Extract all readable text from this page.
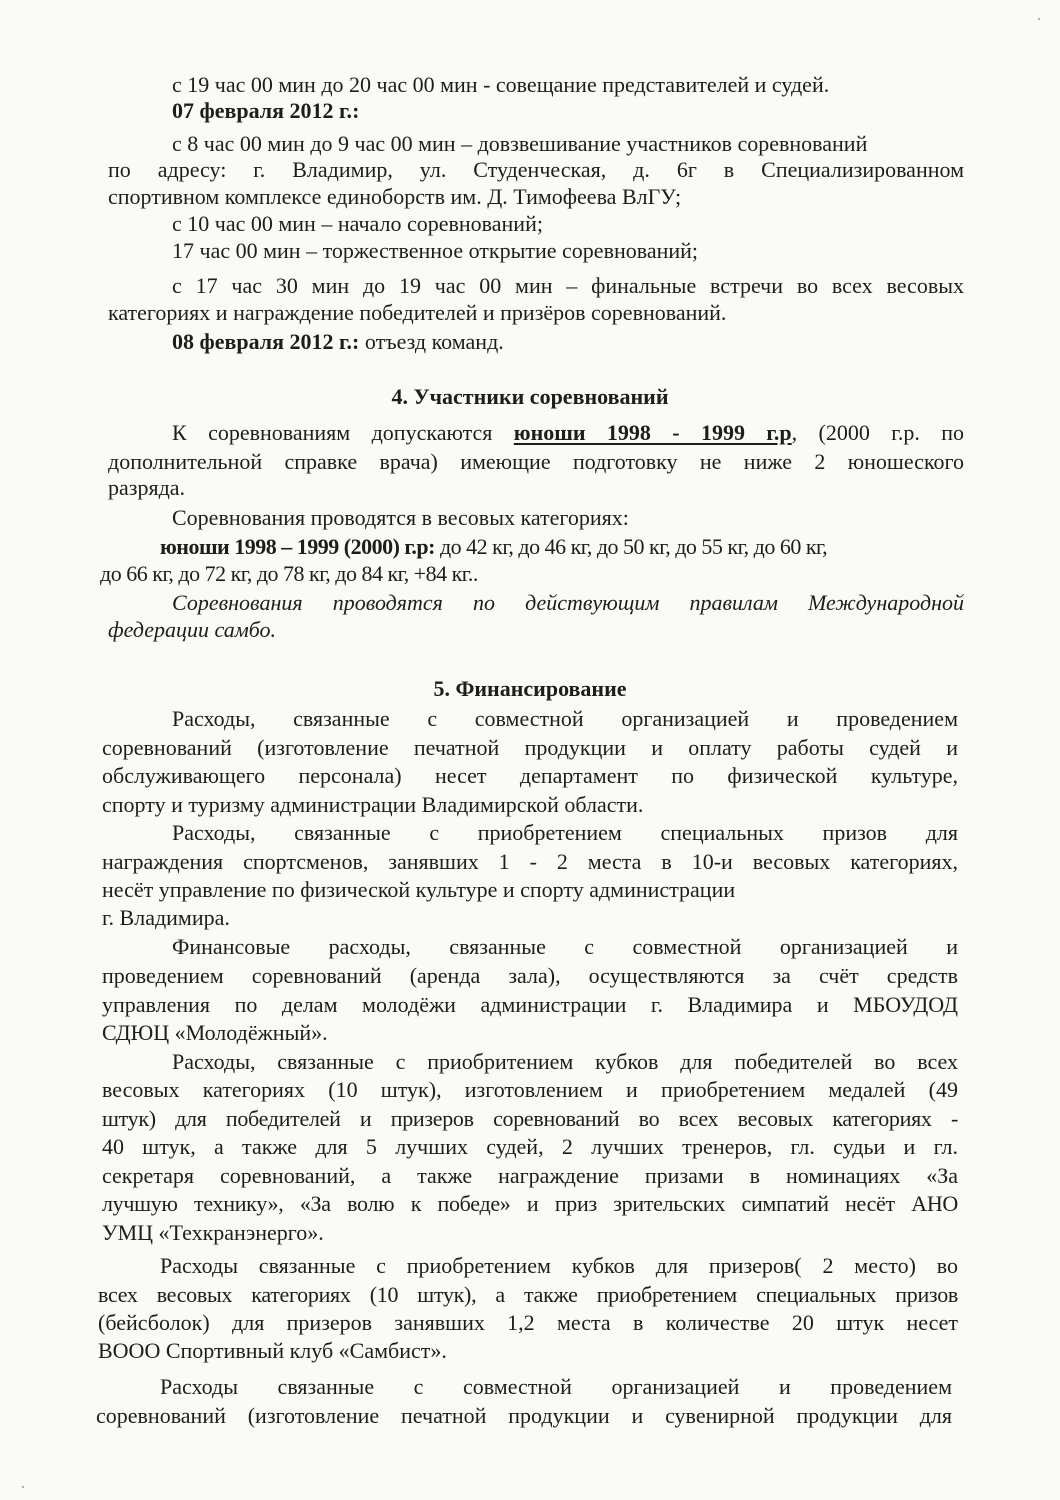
с 19 час 00 мин до 20 час 00 мин - совещание представителей и судей.
07 февраля 2012 г.:
с 8 час 00 мин до 9 час 00 мин – довзвешивание участников соревнований
по адресу: г. Владимир, ул. Студенческая, д. 6г в Специализированном
спортивном комплексе единоборств им. Д. Тимофеева ВлГУ;
с 10 час 00 мин – начало соревнований;
17 час 00 мин – торжественное открытие соревнований;
с 17 час 30 мин до 19 час 00 мин – финальные встречи во всех весовых
категориях и награждение победителей и призёров соревнований.
08 февраля 2012 г.: отъезд команд.
4. Участники соревнований
К соревнованиям допускаются юноши 1998 - 1999 г.р, (2000 г.р. по
дополнительной справке врача) имеющие подготовку не ниже 2 юношеского
разряда.
Соревнования проводятся в весовых категориях:
юноши 1998 – 1999 (2000) г.р: до 42 кг, до 46 кг, до 50 кг, до 55 кг, до 60 кг,
до 66 кг, до 72 кг, до 78 кг, до 84 кг, +84 кг..
Соревнования проводятся по действующим правилам Международной
федерации самбо.
5. Финансирование
Расходы, связанные с совместной организацией и проведением
соревнований (изготовление печатной продукции и оплату работы судей и
обслуживающего персонала) несет департамент по физической культуре,
спорту и туризму администрации Владимирской области.
Расходы, связанные с приобретением специальных призов для
награждения спортсменов, занявших 1 - 2 места в 10-и весовых категориях,
несёт управление по физической культуре и спорту администрации
г. Владимира.
Финансовые расходы, связанные с совместной организацией и
проведением соревнований (аренда зала), осуществляются за счёт средств
управления по делам молодёжи администрации г. Владимира и МБОУДОД
СДЮЦ «Молодёжный».
Расходы, связанные с приобритением кубков для победителей во всех
весовых категориях (10 штук), изготовлением и приобретением медалей (49
штук) для победителей и призеров соревнований во всех весовых категориях -
40 штук, а также для 5 лучших судей, 2 лучших тренеров, гл. судьи и гл.
секретаря соревнований, а также награждение призами в номинациях «За
лучшую технику», «За волю к победе» и приз зрительских симпатий несёт АНО
УМЦ «Техкранэнерго».
Расходы связанные с приобретением кубков для призеров( 2 место) во
всех весовых категориях (10 штук), а также приобретением специальных призов
(бейсболок) для призеров занявших 1,2 места в количестве 20 штук несет
ВООО Спортивный клуб «Самбист».
Расходы связанные с совместной организацией и проведением
соревнований (изготовление печатной продукции и сувенирной продукции для
